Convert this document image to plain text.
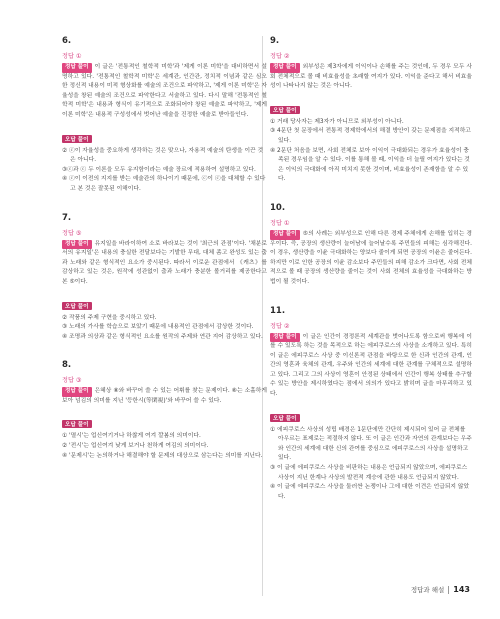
6.
정답 ①
정답 풀이 이 글은 '전통적인 철학적 미학'과 '제게 이론 미학'을 대비하면서 설명하고 있다. '전통적인 철학적 미학'은 세계관, 인간관, 정치적 이념과 같은 심오한 정신적 내용이 미적 형상화를 예술의 조건으로 파악하고, '제게 이론 미학'은 자율성을 창된 예술의 조건으로 파악한다고 서술하고 있다. 다시 말해 '전통적인 철학적 미학'은 내용과 형식이 유기적으로 조화되어야 창된 예술로 파악하고, '제게 이론 미학'은 내용적 구성성에서 벗어난 예술을 진정한 예술로 받아들인다.
오답 풀이
② ⓒ이 자율성을 중요하게 생각하는 것은 맞으나, 자용적 예술의 탄생을 이끈 것은 아니다.
③ⓒ과 ⓒ 두 이론을 모두 유지함이라는 예술 장르에 적용하여 설명하고 있다.
④ ⓒ이 이전의 지지를 받는 예술관의 하나이기 때문에, ⓒ이 ⓒ을 대체할 수 있다고 본 것은 잘못된 이해이다.
7.
정답 ⑤
정답 풀이 유지일을 바라이하여 소로 바라보는 것이 '최근의 관점'이다. '채분로서의 유지일'은 내용의 충실한 전달보다는 기발한 무대, 대체 좀고 완성도 있는 춤과 노래와 같은 형식적인 요소가 중시된다. 따라서 이로운 관점에서 《캐츠》를 감상하고 있는 것은, 원작에 성관없이 춤과 노래가 충분한 볼거리를 제공한다고 본 ⑤이다.
오답 풀이
② 작품의 주제 구현을 중시하고 있다.
③ 노래의 가사를 학습으로 보았기 때문에 내용적인 관점에서 감상한 것이다.
④ 조명과 의상과 같은 형식적인 요소를 원작의 주제와 연관 지어 감상하고 있다.
8.
정답 ③
정답 풀이 은혜상 ⑧와 바꾸어 쓸 수 있는 어휘를 찾는 문제이다. ⑧는 소홀하게 보아 넘김의 의미를 지닌 '등한시(等閑視)'와 바꾸어 쓸 수 있다.
오답 풀이
① '멸시'는 업신여기거나 하찮게 여겨 깔봄의 의미이다.
② '전시'는 업신여겨 낮게 보거나 천하게 여김의 의미이다.
④ '문제시'는 논의하거나 해결해야 할 문제의 대상으로 삼는다는 의미를 지닌다.
9.
정답 ②
정답 풀이 외부성은 제3자에게 이익이나 손해를 주는 것인데, 두 경우 모두 사회 전체적으로 볼 때 비효율성을 초래할 여지가 있다. 이익을 준다고 해서 비효율성이 나타나지 않는 것은 아니다.
오답 풀이
① 거래 당사자는 제3자가 아니므로 외부성이 아니다.
③ 4문단 첫 문장에서 전통적 경제학에서의 해결 방안이 갖는 문제점을 지적하고 있다.
④ 2문단 처음을 보면, 사회 전체로 보아 이익이 극대화되는 경우가 효율성이 충족된 경우임을 알 수 있다. 이를 통해 볼 때, 이익을 더 늘릴 여지가 있다는 것은 이익의 극대화에 아직 미치지 못한 것이며, 비효율성이 존재함을 알 수 있다.
10.
정답 ①
정답 풀이 ⑤의 사례는 외부성으로 인해 다른 경제 주체에게 손해를 입히는 경우이다. 즉, 공장의 생산량이 늘어남에 늘어날수록 주민들의 피해는 심각해진다. 이 경우, 생산량을 이윤 극대화하는 양보다 줄이게 되면 공장의 이윤은 줄어든다. 하지만 이로 인한 공장의 이윤 감소보다 주민들의 피해 감소가 크다면, 사회 전체적으로 볼 때 공장의 생산량을 줄이는 것이 사회 전체의 효율성을 극대화하는 방법이 될 것이다.
11.
정답 ②
정답 풀이 이 글은 인간이 경정론적 세계관을 벗어나도록 함으로써 행복에 이를 수 있도록 하는 것을 목적으로 하는 에피쿠로스의 사상을 소개하고 있다. 특히 이 글은 에피쿠로스 사상 중 이신론적 관점을 바탕으로 한 신과 인간의 관계, 인간의 영혼과 육체의 관계, 우주와 인간의 세계에 대한 관계를 구체적으로 설명하고 있다. 그리고 그의 사상이 영혼이 안정된 상태에서 인간이 행복 상태를 추구할 수 있는 방안을 제시하였다는 점에서 의의가 있다고 밝히며 글을 마무리하고 있다.
오답 풀이
① 에피쿠로스 사상의 성립 배경은 1문단에만 간단히 제시되어 있어 글 전체를 아우르는 표제로는 적절하지 않다. 또 이 글은 인간과 자연의 관계보다는 우주와 인간의 세계에 대한 신의 관여를 중심으로 에피쿠로스의 사상을 설명하고 있다.
③ 이 글에 에피쿠로스 사상을 비판하는 내용은 언급되지 않았으며, 에피쿠로스 사상이 지닌 한계나 사상의 발전적 계승에 관한 내용도 언급되지 않았다.
④ 이 글에 에피쿠로스 사상을 둘러싼 논쟁이나 그에 대한 이견은 언급되지 않았다.
정답과 해설 143
